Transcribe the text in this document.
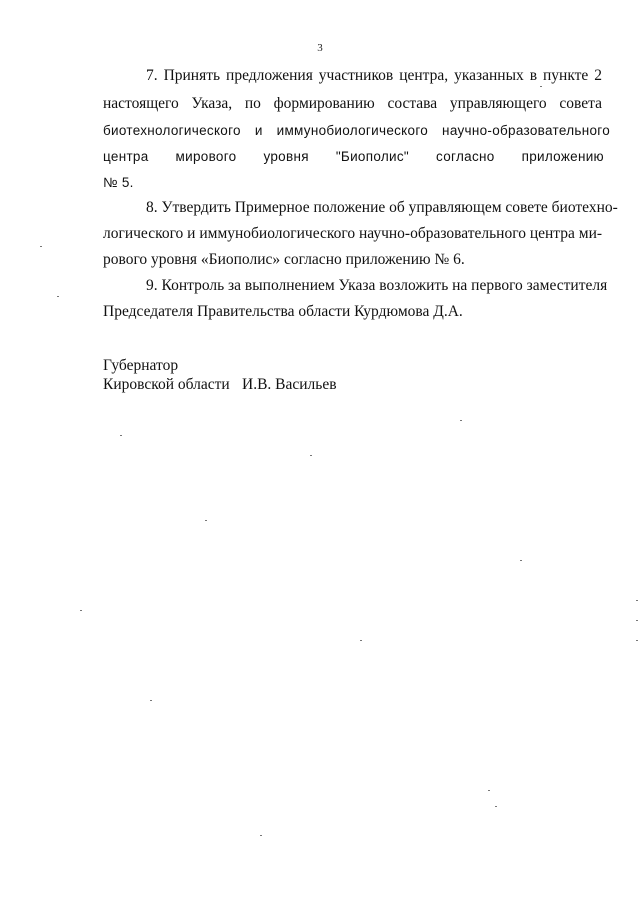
3
7. Принять предложения участников центра, указанных в пункте 2
настоящего Указа, по формированию состава управляющего совета
биотехнологического и иммунобиологического научно-образовательного
центра мирового уровня "Биополис" согласно приложению
№ 5.
8. Утвердить Примерное положение об управляющем совете биотехно-
логического и иммунобиологического научно-образовательного центра ми-
рового уровня «Биополис» согласно приложению № 6.
9. Контроль за выполнением Указа возложить на первого заместителя
Председателя Правительства области Курдюмова Д.А.
Губернатор
Кировской области И.В. Васильев
